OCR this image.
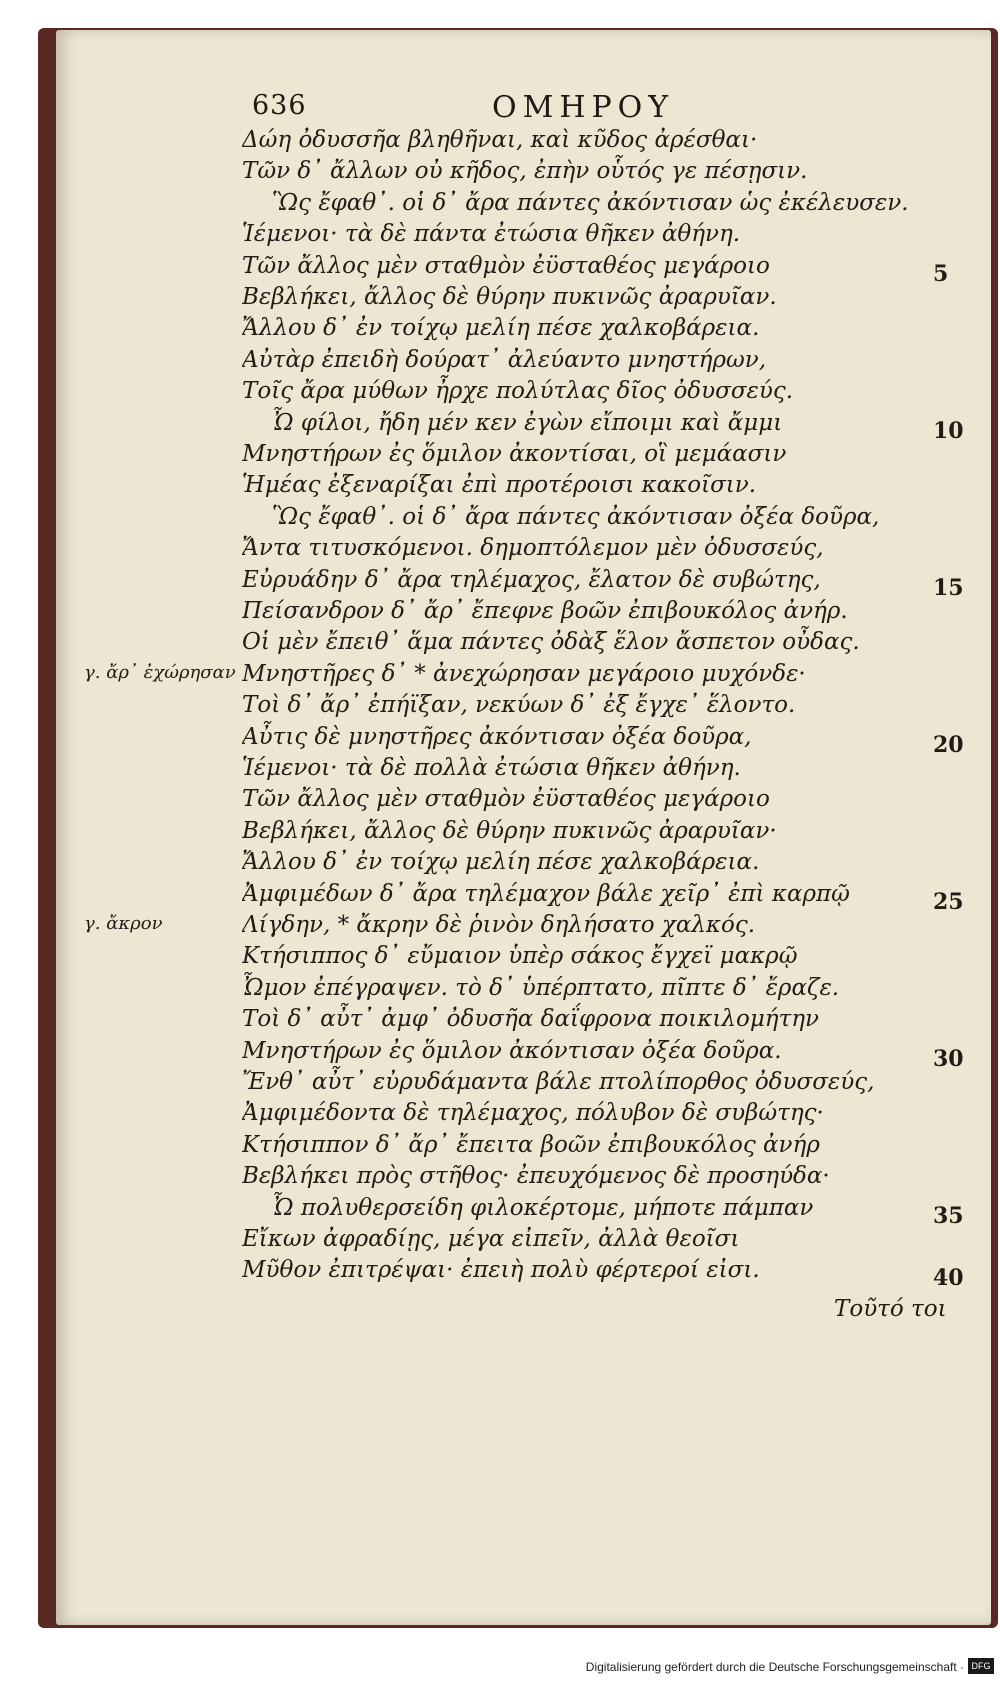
636	ΟΜΗΡΟΥ
Δώη ὀδυσσῆα βληθῆναι, καὶ κῦδος ἀρέσθαι·
Τῶν δ᾽ ἄλλων οὐ κῆδος, ἐπὴν οὗτός γε πέσῃσιν.
Ὣς ἔφαθ᾽. οἱ δ᾽ ἄρα πάντες ἀκόντισαν ὡς ἐκέλευσεν.
Ἱέμενοι· τὰ δὲ πάντα ἐτώσια θῆκεν ἀθήνη.
Τῶν ἄλλος μὲν σταθμὸν ἐϋσταθέος μεγάροιο
Βεβλήκει, ἄλλος δὲ θύρην πυκινῶς ἀραρυῖαν.
Ἄλλου δ᾽ ἐν τοίχῳ μελίη πέσε χαλκοβάρεια.
Αὐτὰρ ἐπειδὴ δούρατ᾽ ἀλεύαντο μνηστήρων,
Τοῖς ἄρα μύθων ἦρχε πολύτλας δῖος ὀδυσσεύς.
Ὦ φίλοι, ἤδη μέν κεν ἐγὼν εἴποιμι καὶ ἄμμι
Μνηστήρων ἐς ὅμιλον ἀκοντίσαι, οἳ μεμάασιν
Ἡμέας ἐξεναρίξαι ἐπὶ προτέροισι κακοῖσιν.
Ὣς ἔφαθ᾽. οἱ δ᾽ ἄρα πάντες ἀκόντισαν ὀξέα δοῦρα,
Ἄντα τιτυσκόμενοι. δημοπτόλεμον μὲν ὀδυσσεύς,
Εὐρυάδην δ᾽ ἄρα τηλέμαχος, ἔλατον δὲ συβώτης,
Πείσανδρον δ᾽ ἄρ᾽ ἔπεφνε βοῶν ἐπιβουκόλος ἀνήρ.
Οἱ μὲν ἔπειθ᾽ ἅμα πάντες ὀδὰξ ἕλον ἄσπετον οὖδας.
Μνηστῆρες δ᾽ * ἀνεχώρησαν μεγάροιο μυχόνδε·
Τοὶ δ᾽ ἄρ᾽ ἐπήϊξαν, νεκύων δ᾽ ἐξ ἔγχε᾽ ἕλοντο.
Αὖτις δὲ μνηστῆρες ἀκόντισαν ὀξέα δοῦρα,
Ἱέμενοι· τὰ δὲ πολλὰ ἐτώσια θῆκεν ἀθήνη.
Τῶν ἄλλος μὲν σταθμὸν ἐϋσταθέος μεγάροιο
Βεβλήκει, ἄλλος δὲ θύρην πυκινῶς ἀραρυῖαν·
Ἄλλου δ᾽ ἐν τοίχῳ μελίη πέσε χαλκοβάρεια.
Ἀμφιμέδων δ᾽ ἄρα τηλέμαχον βάλε χεῖρ᾽ ἐπὶ καρπῷ
Λίγδην, * ἄκρην δὲ ῥινὸν δηλήσατο χαλκός.
Κτήσιππος δ᾽ εὔμαιον ὑπὲρ σάκος ἔγχεϊ μακρῷ
Ὦμον ἐπέγραψεν. τὸ δ᾽ ὑπέρπτατο, πῖπτε δ᾽ ἔραζε.
Τοὶ δ᾽ αὖτ᾽ ἀμφ᾽ ὀδυσῆα δαΐφρονα ποικιλομήτην
Μνηστήρων ἐς ὅμιλον ἀκόντισαν ὀξέα δοῦρα.
Ἔνθ᾽ αὖτ᾽ εὐρυδάμαντα βάλε πτολίπορθος ὀδυσσεύς,
Ἀμφιμέδοντα δὲ τηλέμαχος, πόλυβον δὲ συβώτης·
Κτήσιππον δ᾽ ἄρ᾽ ἔπειτα βοῶν ἐπιβουκόλος ἀνήρ
Βεβλήκει πρὸς στῆθος· ἐπευχόμενος δὲ προσηύδα·
Ὦ πολυθερσείδη φιλοκέρτομε, μήποτε πάμπαν
Εἴκων ἀφραδίῃς, μέγα εἰπεῖν, ἀλλὰ θεοῖσι
Μῦθον ἐπιτρέψαι· ἐπειὴ πολὺ φέρτεροί εἰσι.
5
10
15
20
25
30
35
40
γ. ἄρ᾽ ἐχώρησαν
γ. ἄκρον
Τοῦτό τοι
Digitalisierung gefördert durch die Deutsche Forschungsgemeinschaft · DFG
